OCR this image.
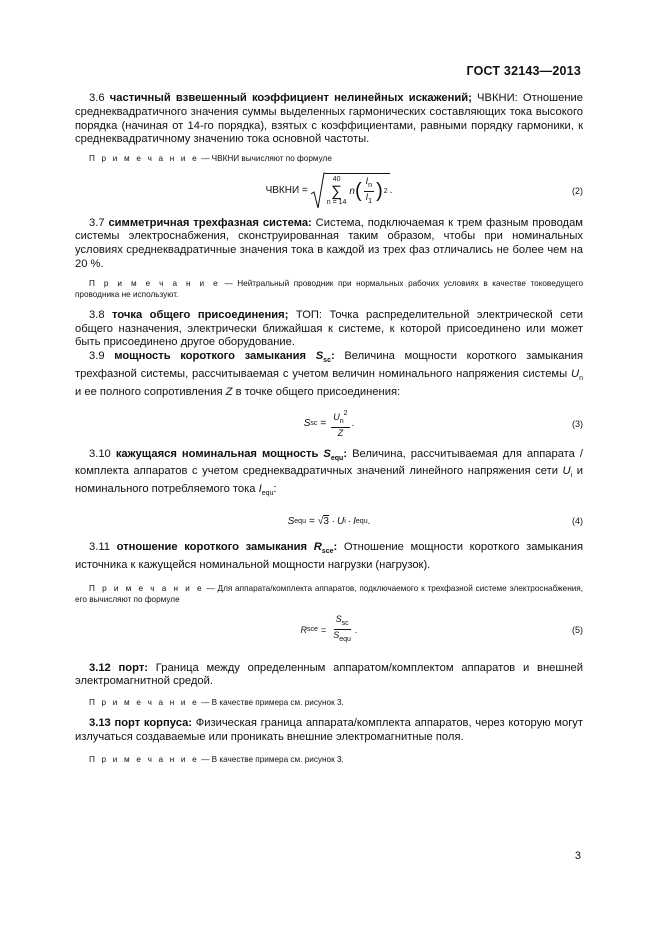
ГОСТ 32143—2013

3.6 частичный взвешенный коэффициент нелинейных искажений; ЧВКНИ: Отношение среднеквадратичного значения суммы выделенных гармонических составляющих тока высокого порядка (начиная от 14-го порядка), взятых с коэффициентами, равными порядку гармоники, к среднеквадратичному значению тока основной частоты.

П р и м е ч а н и е — ЧВКНИ вычисляют по формуле
ЧВКНИ =
40
∑
n = 14
n ( $\frac{I_n}{I_1}$ ) 2 .	(2)

3.7 симметричная трехфазная система: Система, подключаемая к трем фазным проводам системы электроснабжения, сконструированная таким образом, чтобы при номинальных условиях среднеквадратичные значения тока в каждой из трех фаз отличались не более чем на 20 %.

П р и м е ч а н и е — Нейтральный проводник при нормальных рабочих условиях в качестве токоведущего проводника не используют.

3.8 точка общего присоединения; ТОП: Точка распределительной электрической сети общего назначения, электрически ближайшая к системе, к которой присоединено или может быть присоединено другое оборудование.

3.9 мощность короткого замыкания $S_{sc}$: Величина мощности короткого замыкания трехфазной системы, рассчитываемая с учетом величин номинального напряжения системы $U_n$ и ее полного сопротивления Z в точке общего присоединения:

S sc = $\frac{U_n^2}{Z}$ .	(3)

3.10 кажущаяся номинальная мощность $S_{equ}$: Величина, рассчитываемая для аппарата / комплекта аппаратов с учетом среднеквадратичных значений линейного напряжения сети $U_i$ и номинального потребляемого тока $I_{equ}$:

S equ = √3 · U i · I equ .	(4)

3.11 отношение короткого замыкания $R_{sce}$: Отношение мощности короткого замыкания источника к кажущейся номинальной мощности нагрузки (нагрузок).

П р и м е ч а н и е — Для аппарата/комплекта аппаратов, подключаемого к трехфазной системе электроснабжения, его вычисляют по формуле
R sce = $\frac{S_{sc}}{S_{equ}}$ .	(5)

3.12 порт: Граница между определенным аппаратом/комплектом аппаратов и внешней электромагнитной средой.

П р и м е ч а н и е — В качестве примера см. рисунок 3.

3.13 порт корпуса: Физическая граница аппарата/комплекта аппаратов, через которую могут излучаться создаваемые или проникать внешние электромагнитные поля.

П р и м е ч а н и е — В качестве примера см. рисунок 3.
3
